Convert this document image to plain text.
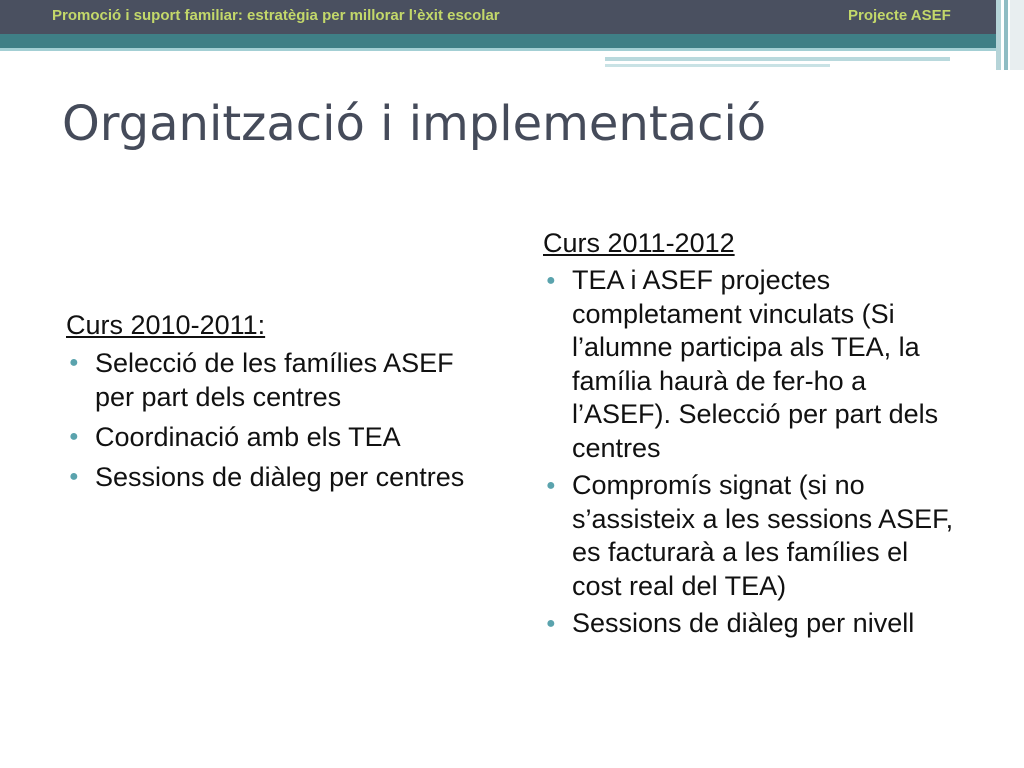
Promoció i suport familiar: estratègia per millorar l’èxit escolar	Projecte ASEF
Organització i implementació
Curs 2010-2011:
● Selecció de les famílies ASEF per part dels centres
● Coordinació amb els TEA
● Sessions de diàleg per centres
Curs 2011-2012
● TEA i ASEF projectes completament vinculats (Si l’alumne participa als TEA, la família haurà de fer-ho a l’ASEF). Selecció per part dels centres
● Compromís signat (si no s’assisteix a les sessions ASEF, es facturarà a les famílies el cost real del TEA)
● Sessions de diàleg per nivell
